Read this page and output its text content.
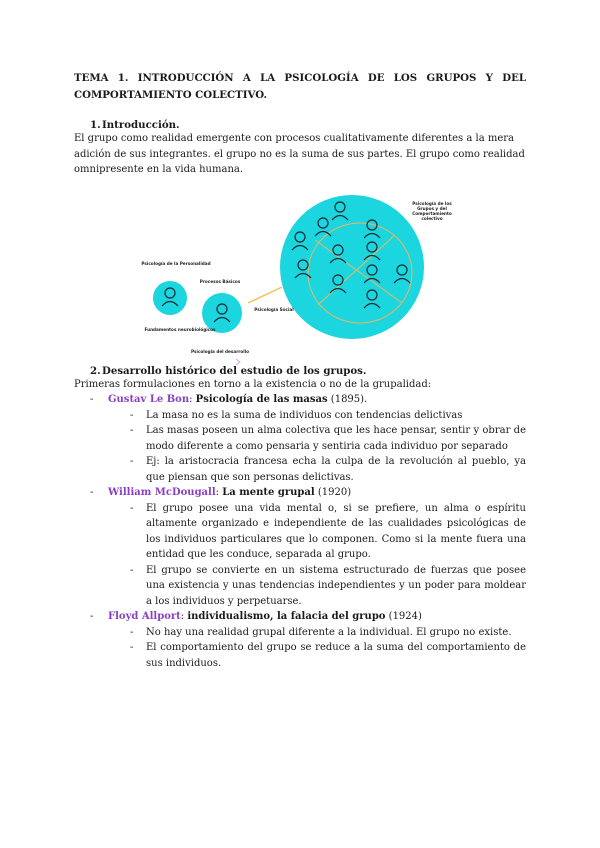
TEMA 1. INTRODUCCIÓN A LA PSICOLOGÍA DE LOS GRUPOS Y DEL COMPORTAMIENTO COLECTIVO.
1.Introducción.
El grupo como realidad emergente con procesos cualitativamente diferentes a la mera adición de sus integrantes. el grupo no es la suma de sus partes. El grupo como realidad omnipresente en la vida humana.
Psicología de los Grupos y del Comportamiento colectivo
Psicología de la Personalidad
Procesos Básicos
Psicología Social
Fundamentos neurobiológicos
Psicología del desarrollo
2.Desarrollo histórico del estudio de los grupos.
Primeras formulaciones en torno a la existencia o no de la grupalidad:
- Gustav Le Bon: Psicología de las masas (1895).
- La masa no es la suma de individuos con tendencias delictivas
- Las masas poseen un alma colectiva que les hace pensar, sentir y obrar de modo diferente a como pensaria y sentiria cada individuo por separado
- Ej: la aristocracia francesa echa la culpa de la revolución al pueblo, ya que piensan que son personas delictivas.
- William McDougall: La mente grupal (1920)
- El grupo posee una vida mental o, si se prefiere, un alma o espíritu altamente organizado e independiente de las cualidades psicológicas de los individuos particulares que lo componen. Como si la mente fuera una entidad que les conduce, separada al grupo.
- El grupo se convierte en un sistema estructurado de fuerzas que posee una existencia y unas tendencias independientes y un poder para moldear a los individuos y perpetuarse.
- Floyd Allport: individualismo, la falacia del grupo (1924)
- No hay una realidad grupal diferente a la individual. El grupo no existe.
- El comportamiento del grupo se reduce a la suma del comportamiento de sus individuos.
